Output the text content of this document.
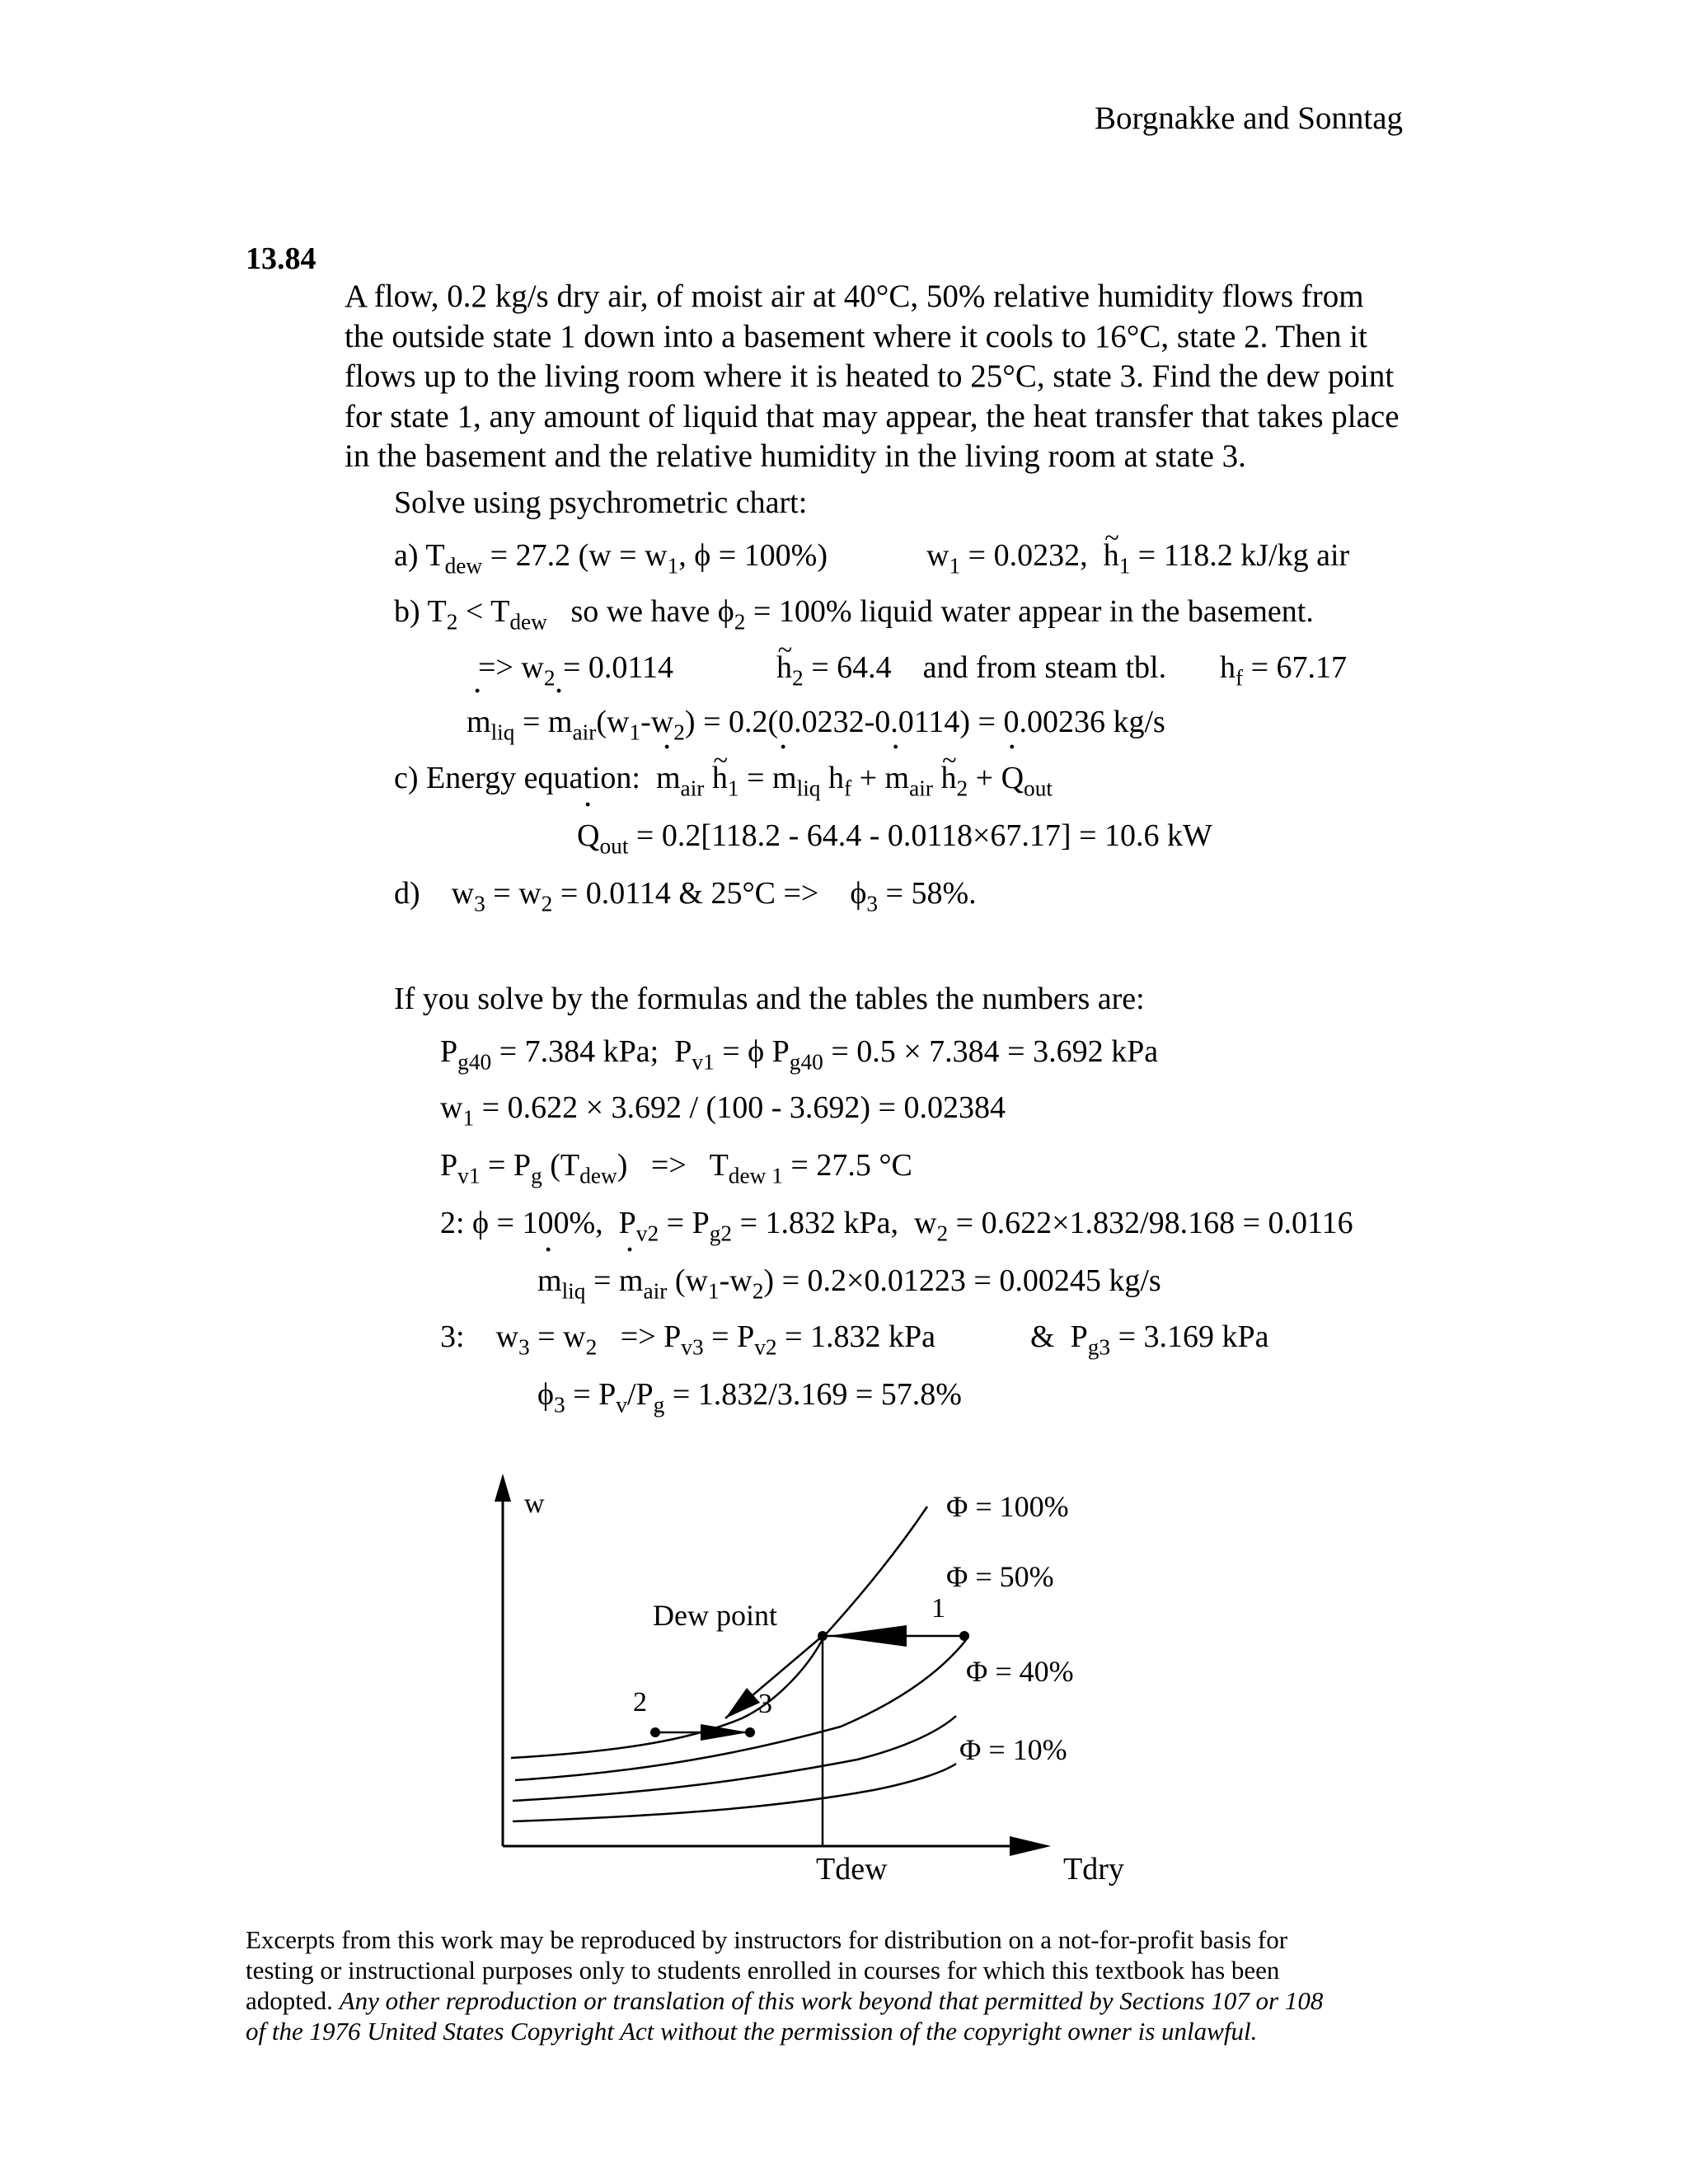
Borgnakke and Sonntag
13.84
A flow, 0.2 kg/s dry air, of moist air at 40°C, 50% relative humidity flows from
the outside state 1 down into a basement where it cools to 16°C, state 2. Then it
flows up to the living room where it is heated to 25°C, state 3. Find the dew point
for state 1, any amount of liquid that may appear, the heat transfer that takes place
in the basement and the relative humidity in the living room at state 3.
Solve using psychrometric chart:
a) $T_{dew} = 27.2$ ($w = w_1$, ϕ = 100%)	$w_1 = 0.0232$, ~ $h_1 = 118.2$ kJ/kg air
b) $T_2 < T_{dew}$ so we have $\phi_2 = 100\%$ liquid water appear in the basement.
=> $w_2 = 0.0114$	~ $h_2 = 64.4$ and from steam tbl. $h_f = 67.17$
˙ $m_{liq}$ = ˙ $m_{air}(w_1-w_2) = 0.2(0.0232-0.0114) = 0.00236$ kg/s
c) Energy equation: ˙ $m_{air}$ ~ $h_1$ = ˙ $m_{liq}$ $h_f$ + ˙ $m_{air}$ ~ $h_2$ + ˙ $Q_{out}$
˙ $Q_{out} = 0.2[118.2 - 64.4 - 0.0118\times 67.17] = 10.6$ kW
d)    $w_3 = w_2 = 0.0114$ & 25°C =>    $\phi_3 = 58\%$.
If you solve by the formulas and the tables the numbers are:
$P_{g40} = 7.384$ kPa;  $P_{v1} = \phi$ $P_{g40} = 0.5 \times 7.384 = 3.692$ kPa
$w_1 = 0.622 \times 3.692 / (100 - 3.692) = 0.02384$
$P_{v1} = P_g$ $(T_{dew}) => T_{dew 1} = 27.5$ °C
2: ϕ = 100%,  $P_{v2} = P_{g2} = 1.832$ kPa,  $w_2 = 0.622\times 1.832/98.168 = 0.0116$
˙ $m_{liq}$ = ˙ $m_{air}$ $(w_1-w_2) = 0.2\times 0.01223 = 0.00245$ kg/s
3:    $w_3 = w_2 => P_{v3} = P_{v2} = 1.832$ kPa	&  $P_{g3} = 3.169$ kPa
$\phi_3 = P_v/P_g = 1.832/3.169 = 57.8\%$
w	Φ = 100%
Φ = 50%
Φ = 40%
Φ = 10%
Dew point	1
2	3
Tdew	Tdry
Excerpts from this work may be reproduced by instructors for distribution on a not-for-profit basis for
testing or instructional purposes only to students enrolled in courses for which this textbook has been
adopted. Any other reproduction or translation of this work beyond that permitted by Sections 107 or 108
of the 1976 United States Copyright Act without the permission of the copyright owner is unlawful.
